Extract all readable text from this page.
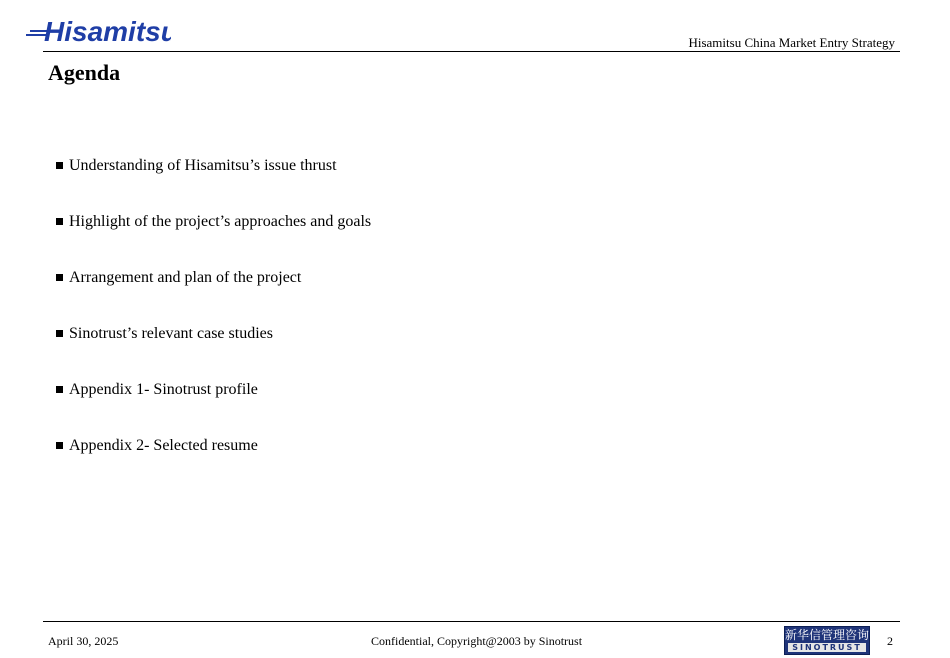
Hisamitsu	Hisamitsu China Market Entry Strategy
Agenda
Understanding of Hisamitsu’s issue thrust
Highlight of the project’s approaches and goals
Arrangement and plan of the project
Sinotrust’s relevant case studies
Appendix 1- Sinotrust profile
Appendix 2- Selected resume
April 30, 2025	Confidential, Copyright@2003 by Sinotrust	新华信管理咨询
SINOTRUST	2
